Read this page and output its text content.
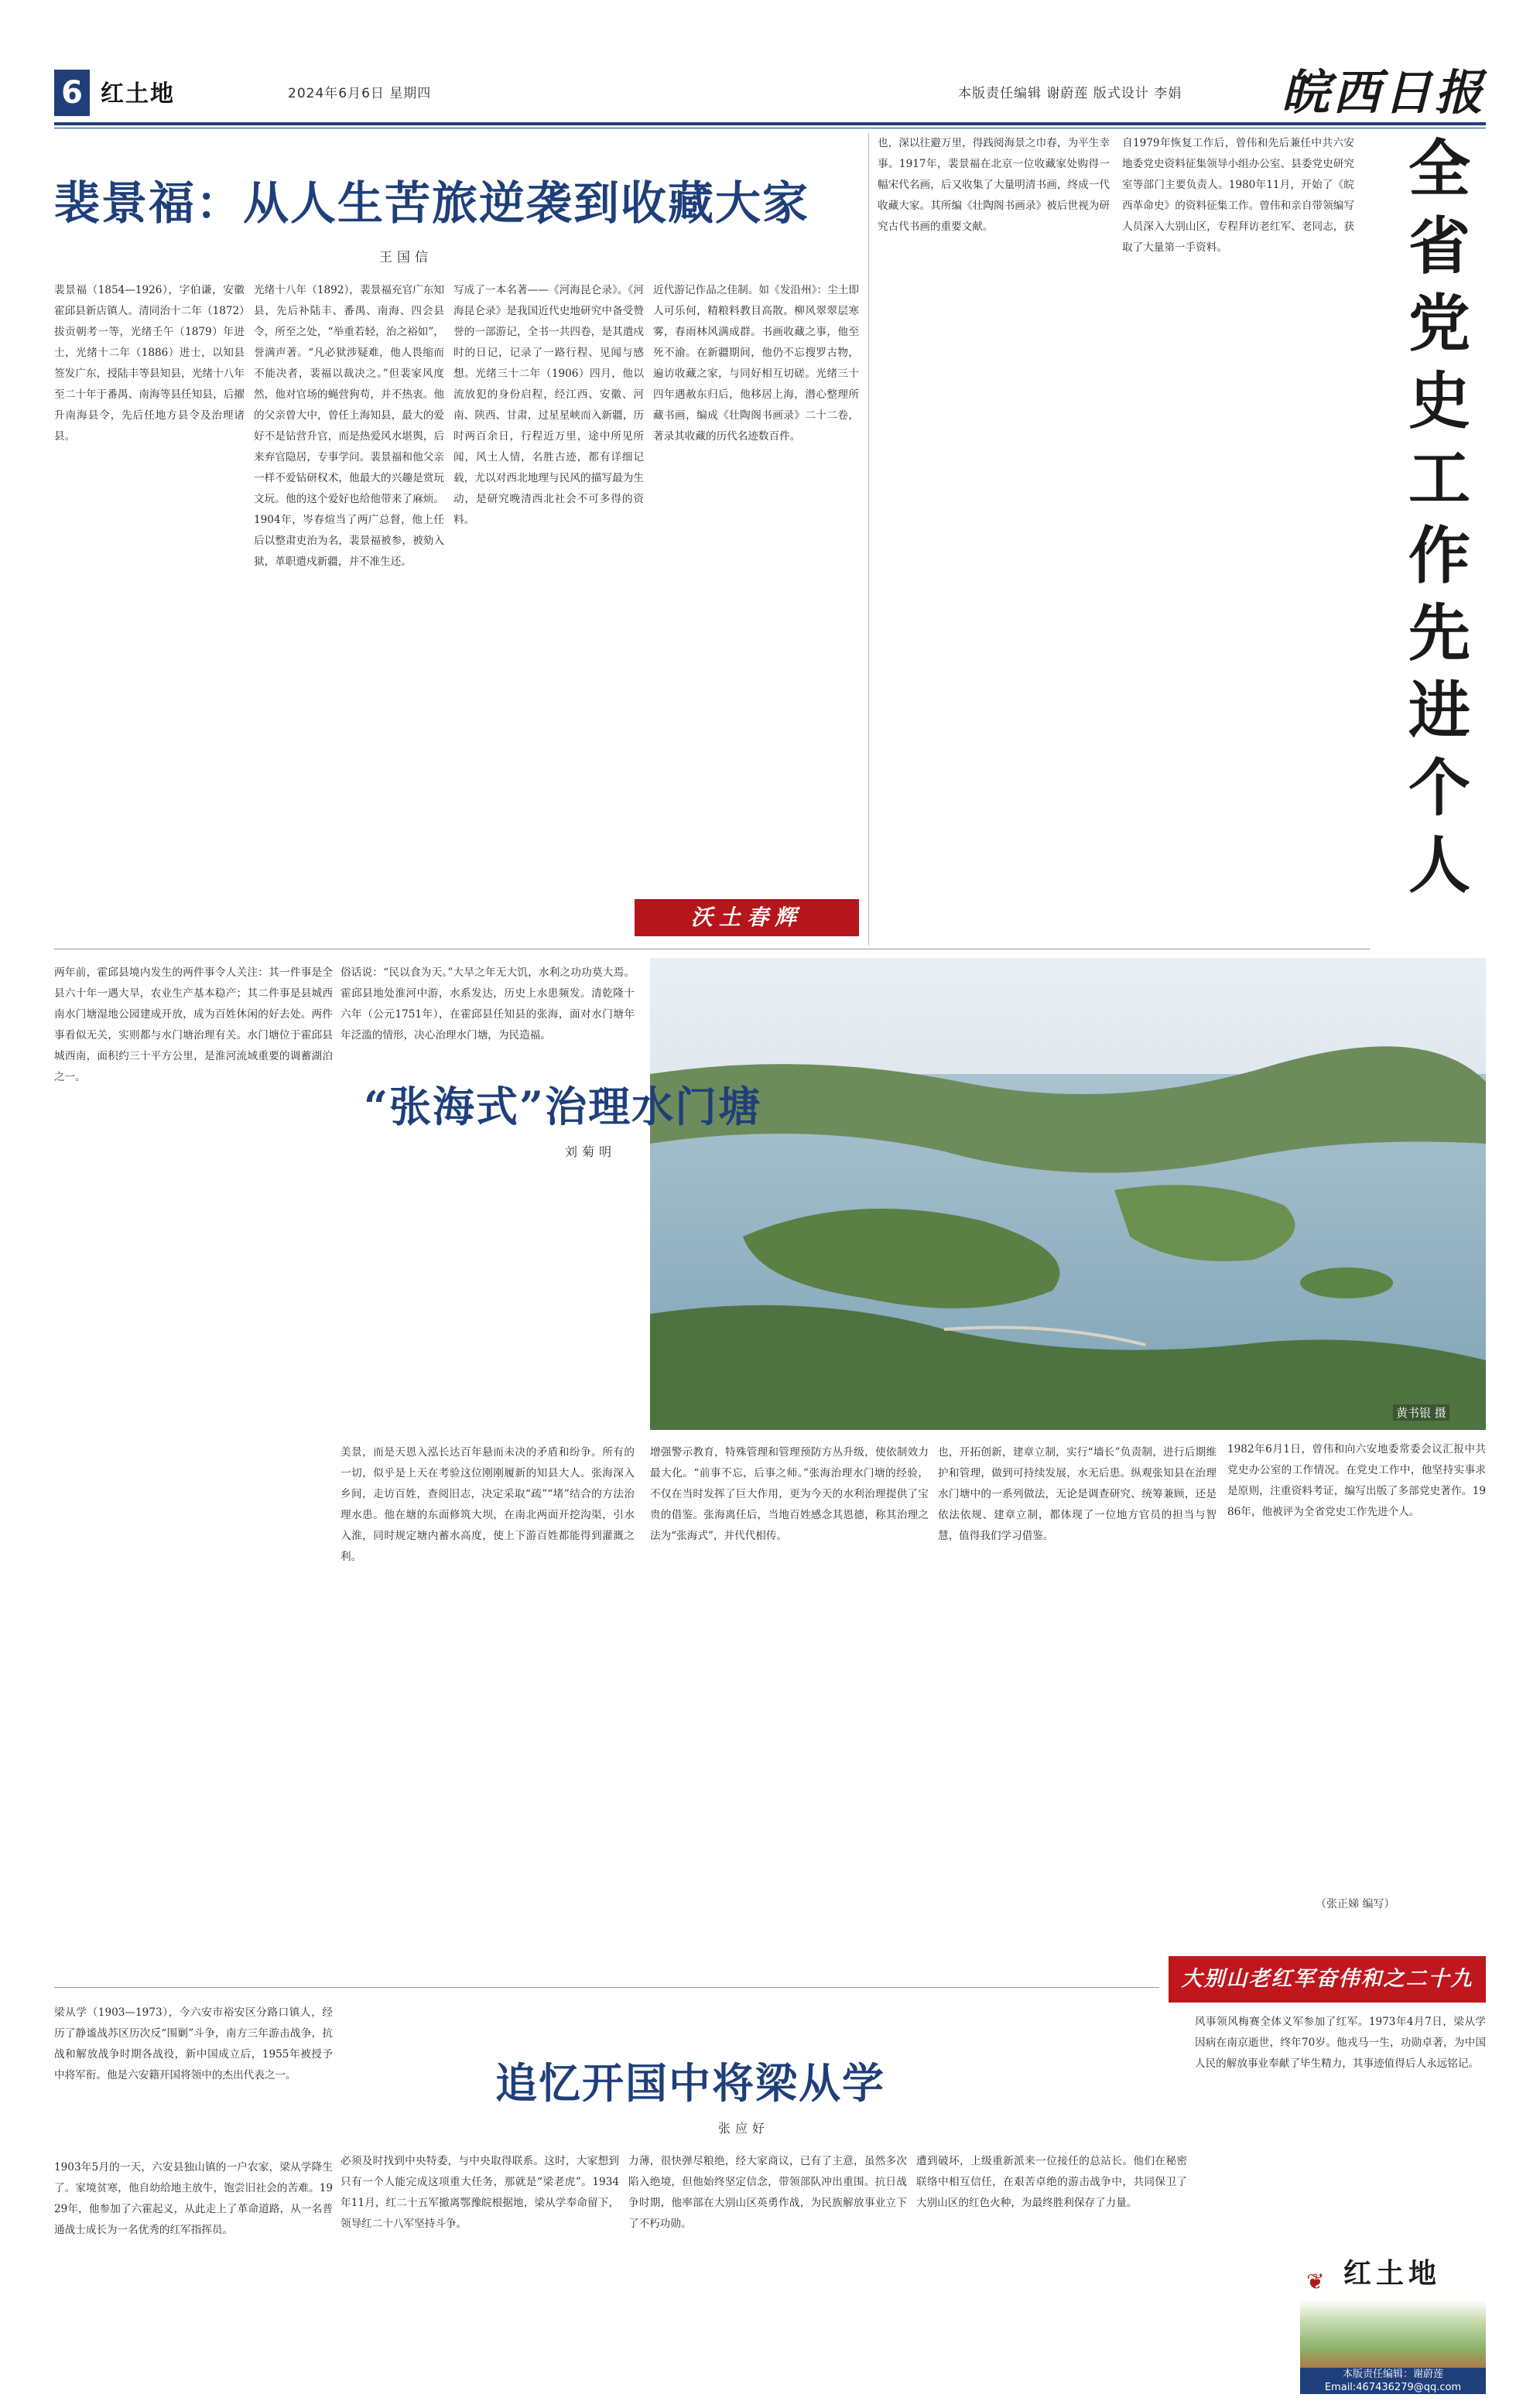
6 红土地	2024年6月6日 星期四	本版责任编辑 谢蔚莲 版式设计 李娟 皖西日报
裴景福：从人生苦旅逆袭到收藏大家
王国信
裴景福（1854—1926），字伯谦，安徽霍邱县新店镇人。清同治十二年（1872）拔贡朝考一等，光绪壬午（1879）年进士，光绪十二年（1886）进士，以知县签发广东，授陆丰等县知县，光绪十八年至二十年于番禺、南海等县任知县，后擢升南海县令，先后任地方县令及治理诸县。
光绪十八年（1892），裴景福充官广东知县，先后补陆丰、番禺、南海、四会县令，所至之处，“举重若轻，治之裕如”，誉满声著。“凡必狱涉疑难，他人畏缩而不能决者，裴福以裁决之。”但裴家风度然，他对官场的蝇营狗苟，并不热衷。他的父亲曾大中，曾任上海知县，最大的爱好不是钻营升官，而是热爱风水堪舆，后来弃官隐居，专事学问。裴景福和他父亲一样不爱钻研权术，他最大的兴趣是赏玩文玩。他的这个爱好也给他带来了麻烦。1904年，岑春煊当了两广总督，他上任后以整肃吏治为名，裴景福被参，被劾入狱，革职遣戍新疆，并不准生还。
写成了一本名著——《河海昆仑录》。《河海昆仑录》是我国近代史地研究中备受赞誉的一部游记，全书一共四卷，是其遣戍时的日记，记录了一路行程、见闻与感想。光绪三十二年（1906）四月，他以流放犯的身份启程，经江西、安徽、河南、陕西、甘肃，过星星峡而入新疆，历时两百余日，行程近万里，途中所见所闻，风土人情，名胜古迹，都有详细记载，尤以对西北地理与民风的描写最为生动，是研究晚清西北社会不可多得的资料。
近代游记作品之佳制。如《发沿州》：尘土即人可乐何，精粮料教目高散。柳风翠翠层寒雾，春雨林风满成群。书画收藏之事，他至死不渝。在新疆期间，他仍不忘搜罗古物，遍访收藏之家，与同好相互切磋。光绪三十四年遇赦东归后，他移居上海，潜心整理所藏书画，编成《壮陶阁书画录》二十二卷，著录其收藏的历代名迹数百件。
沃土春辉
也，深以往避万里，得践阅海景之巾春，为平生幸事。1917年，裴景福在北京一位收藏家处购得一幅宋代名画，后又收集了大量明清书画，终成一代收藏大家。其所编《壮陶阁书画录》被后世视为研究古代书画的重要文献。
自1979年恢复工作后，曾伟和先后兼任中共六安地委党史资料征集领导小组办公室、县委党史研究室等部门主要负责人。1980年11月，开始了《皖西革命史》的资料征集工作。曾伟和亲自带领编写人员深入大别山区，专程拜访老红军、老同志，获取了大量第一手资料。
全
省
党
史
工
作
先
进
个
人
1982年6月1日，曾伟和向六安地委常委会议汇报中共党史办公室的工作情况。在党史工作中，他坚持实事求是原则，注重资料考证，编写出版了多部党史著作。1986年，他被评为全省党史工作先进个人。
（张正娣 编写）
大别山老红军奋伟和之二十九
黄书银 摄
两年前，霍邱县境内发生的两件事令人关注：其一件事是全县六十年一遇大旱，农业生产基本稳产；其二件事是县城西南水门塘湿地公园建成开放，成为百姓休闲的好去处。两件事看似无关，实则都与水门塘治理有关。水门塘位于霍邱县城西南，面积约三十平方公里，是淮河流域重要的调蓄湖泊之一。
俗话说：“民以食为天。”大旱之年无大饥，水利之功功莫大焉。霍邱县地处淮河中游，水系发达，历史上水患频发。清乾隆十六年（公元1751年），在霍邱县任知县的张海，面对水门塘年年泛滥的情形，决心治理水门塘，为民造福。
“张海式”治理水门塘
刘菊明
美景，而是天恩入泓长达百年悬而未决的矛盾和纷争。所有的一切，似乎是上天在考验这位刚刚履新的知县大人。张海深入乡间，走访百姓，查阅旧志，决定采取“疏”“堵”结合的方法治理水患。他在塘的东面修筑大坝，在南北两面开挖沟渠，引水入淮，同时规定塘内蓄水高度，使上下游百姓都能得到灌溉之利。
增强警示教育，特殊管理和管理预防方丛升级，使依制效力最大化。“前事不忘，后事之师。”张海治理水门塘的经验，不仅在当时发挥了巨大作用，更为今天的水利治理提供了宝贵的借鉴。张海离任后，当地百姓感念其恩德，称其治理之法为“张海式”，并代代相传。
也，开拓创新，建章立制，实行“墙长”负责制，进行后期维护和管理，做到可持续发展，水无后患。纵观张知县在治理水门塘中的一系列做法，无论是调查研究、统筹兼顾，还是依法依规、建章立制，都体现了一位地方官员的担当与智慧，值得我们学习借鉴。
梁从学（1903—1973），今六安市裕安区分路口镇人，经历了静谧战苏区历次反“围剿”斗争，南方三年游击战争，抗战和解放战争时期各战役，新中国成立后，1955年被授予中将军衔。他是六安籍开国将领中的杰出代表之一。	追忆开国中将梁从学
张应好
1903年5月的一天，六安县独山镇的一户农家，梁从学降生了。家境贫寒，他自幼给地主放牛，饱尝旧社会的苦难。1929年，他参加了六霍起义，从此走上了革命道路，从一名普通战士成长为一名优秀的红军指挥员。
必须及时找到中央特委，与中央取得联系。这时，大家想到只有一个人能完成这项重大任务，那就是“梁老虎”。1934年11月，红二十五军撤离鄂豫皖根据地，梁从学奉命留下，领导红二十八军坚持斗争。
力薄，很快弹尽粮绝，经大家商议，已有了主意，虽然多次陷入绝境，但他始终坚定信念，带领部队冲出重围。抗日战争时期，他率部在大别山区英勇作战，为民族解放事业立下了不朽功勋。
遭到破坏，上级重新派来一位接任的总站长。他们在秘密联络中相互信任，在艰苦卓绝的游击战争中，共同保卫了大别山区的红色火种，为最终胜利保存了力量。
风事领风梅赛全体义军参加了红军。1973年4月7日，梁从学因病在南京逝世，终年70岁。他戎马一生，功勋卓著，为中国人民的解放事业奉献了毕生精力，其事迹值得后人永远铭记。
❦ 红土地
本版责任编辑：谢蔚莲
Email:467436279@qq.com
